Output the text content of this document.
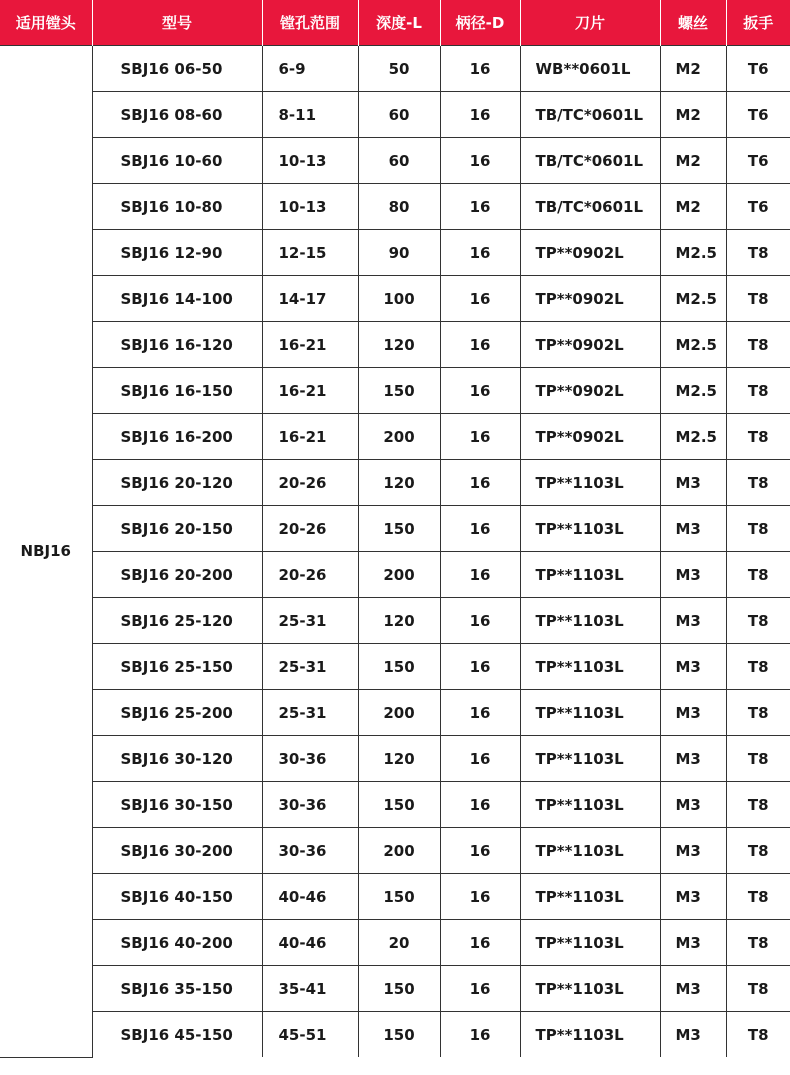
适用镗头	型号	镗孔范围	深度-L	柄径-D	刀片	螺丝	扳手
NBJ16	SBJ16 06-50	6-9	50	16	WB**0601L	M2	T6
	SBJ16 08-60	8-11	60	16	TB/TC*0601L	M2	T6
	SBJ16 10-60	10-13	60	16	TB/TC*0601L	M2	T6
	SBJ16 10-80	10-13	80	16	TB/TC*0601L	M2	T6
	SBJ16 12-90	12-15	90	16	TP**0902L	M2.5	T8
	SBJ16 14-100	14-17	100	16	TP**0902L	M2.5	T8
	SBJ16 16-120	16-21	120	16	TP**0902L	M2.5	T8
	SBJ16 16-150	16-21	150	16	TP**0902L	M2.5	T8
	SBJ16 16-200	16-21	200	16	TP**0902L	M2.5	T8
	SBJ16 20-120	20-26	120	16	TP**1103L	M3	T8
	SBJ16 20-150	20-26	150	16	TP**1103L	M3	T8
	SBJ16 20-200	20-26	200	16	TP**1103L	M3	T8
	SBJ16 25-120	25-31	120	16	TP**1103L	M3	T8
	SBJ16 25-150	25-31	150	16	TP**1103L	M3	T8
	SBJ16 25-200	25-31	200	16	TP**1103L	M3	T8
	SBJ16 30-120	30-36	120	16	TP**1103L	M3	T8
	SBJ16 30-150	30-36	150	16	TP**1103L	M3	T8
	SBJ16 30-200	30-36	200	16	TP**1103L	M3	T8
	SBJ16 40-150	40-46	150	16	TP**1103L	M3	T8
	SBJ16 40-200	40-46	20	16	TP**1103L	M3	T8
	SBJ16 35-150	35-41	150	16	TP**1103L	M3	T8
	SBJ16 45-150	45-51	150	16	TP**1103L	M3	T8
